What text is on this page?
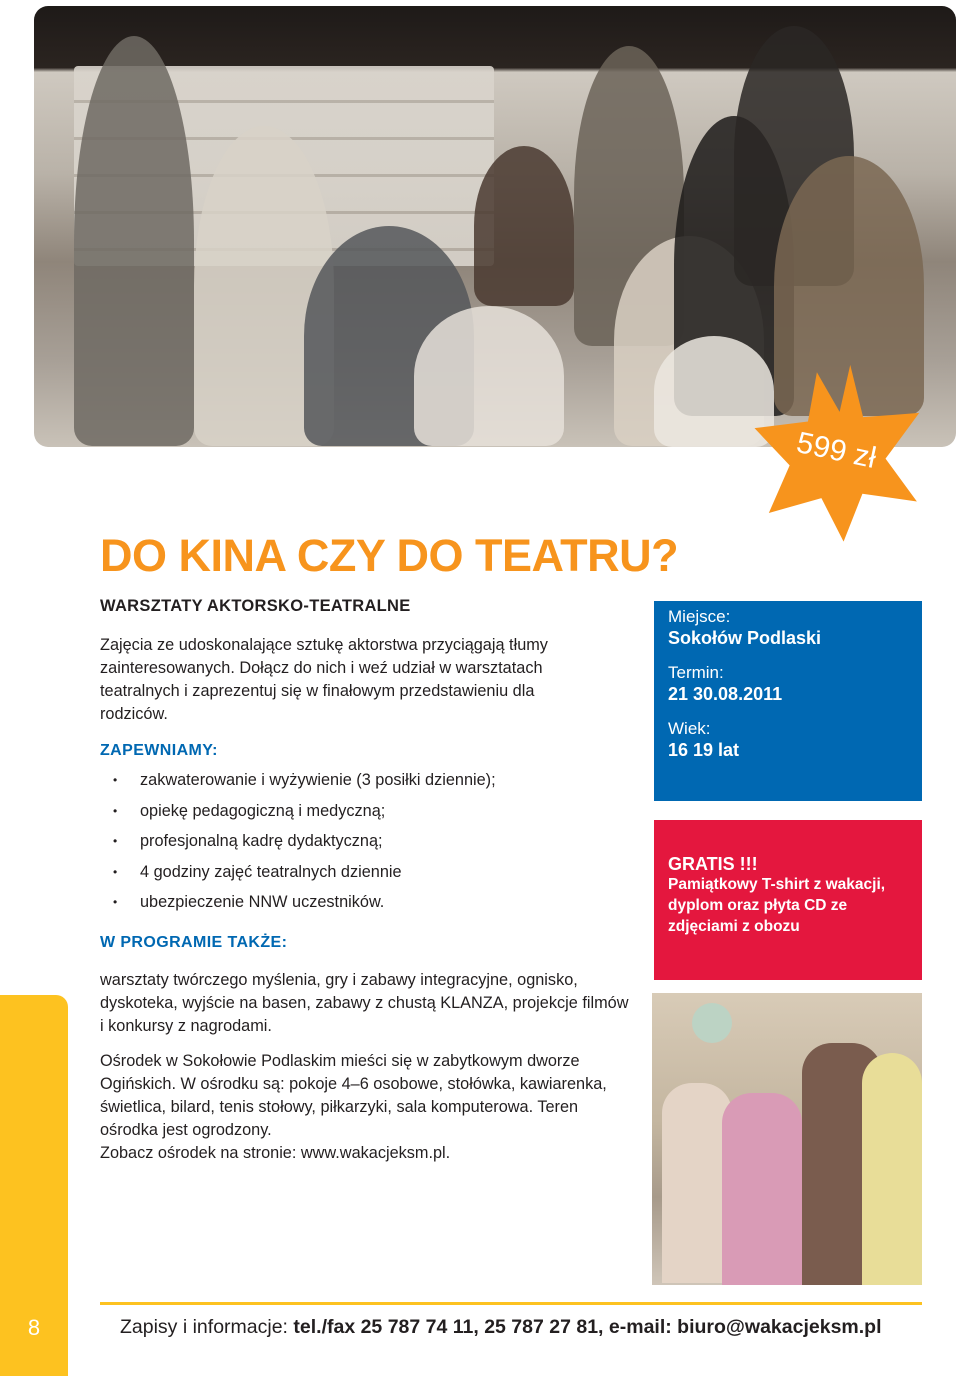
599 zł
DO KINA CZY DO TEATRU?
WARSZTATY AKTORSKO-TEATRALNE
Zajęcia ze udoskonalające sztukę aktorstwa przyciągają tłumy zainteresowanych. Dołącz do nich i weź udział w warsztatach teatralnych i zaprezentuj się w finałowym przedstawieniu dla rodziców.
ZAPEWNIAMY:
• zakwaterowanie i wyżywienie (3 posiłki dziennie);
• opiekę pedagogiczną i medyczną;
• profesjonalną kadrę dydaktyczną;
• 4 godziny zajęć teatralnych dziennie
• ubezpieczenie NNW uczestników.
W PROGRAMIE TAKŻE:
warsztaty twórczego myślenia, gry i zabawy integracyjne, ognisko, dyskoteka, wyjście na basen, zabawy z chustą KLANZA, projekcje filmów i konkursy z nagrodami.
Ośrodek w Sokołowie Podlaskim mieści się w zabytkowym dworze Ogińskich. W ośrodku są: pokoje 4–6 osobowe, stołówka, kawiarenka, świetlica, bilard, tenis stołowy, piłkarzyki, sala komputerowa. Teren ośrodka jest ogrodzony.
Zobacz ośrodek na stronie: www.wakacjeksm.pl.
Miejsce:
Sokołów Podlaski
Termin:
21 30.08.2011
Wiek:
16 19 lat
GRATIS !!!
Pamiątkowy T-shirt z wakacji, dyplom oraz płyta CD ze zdjęciami z obozu
8	Zapisy i informacje: tel./fax 25 787 74 11, 25 787 27 81, e-mail: biuro@wakacjeksm.pl
